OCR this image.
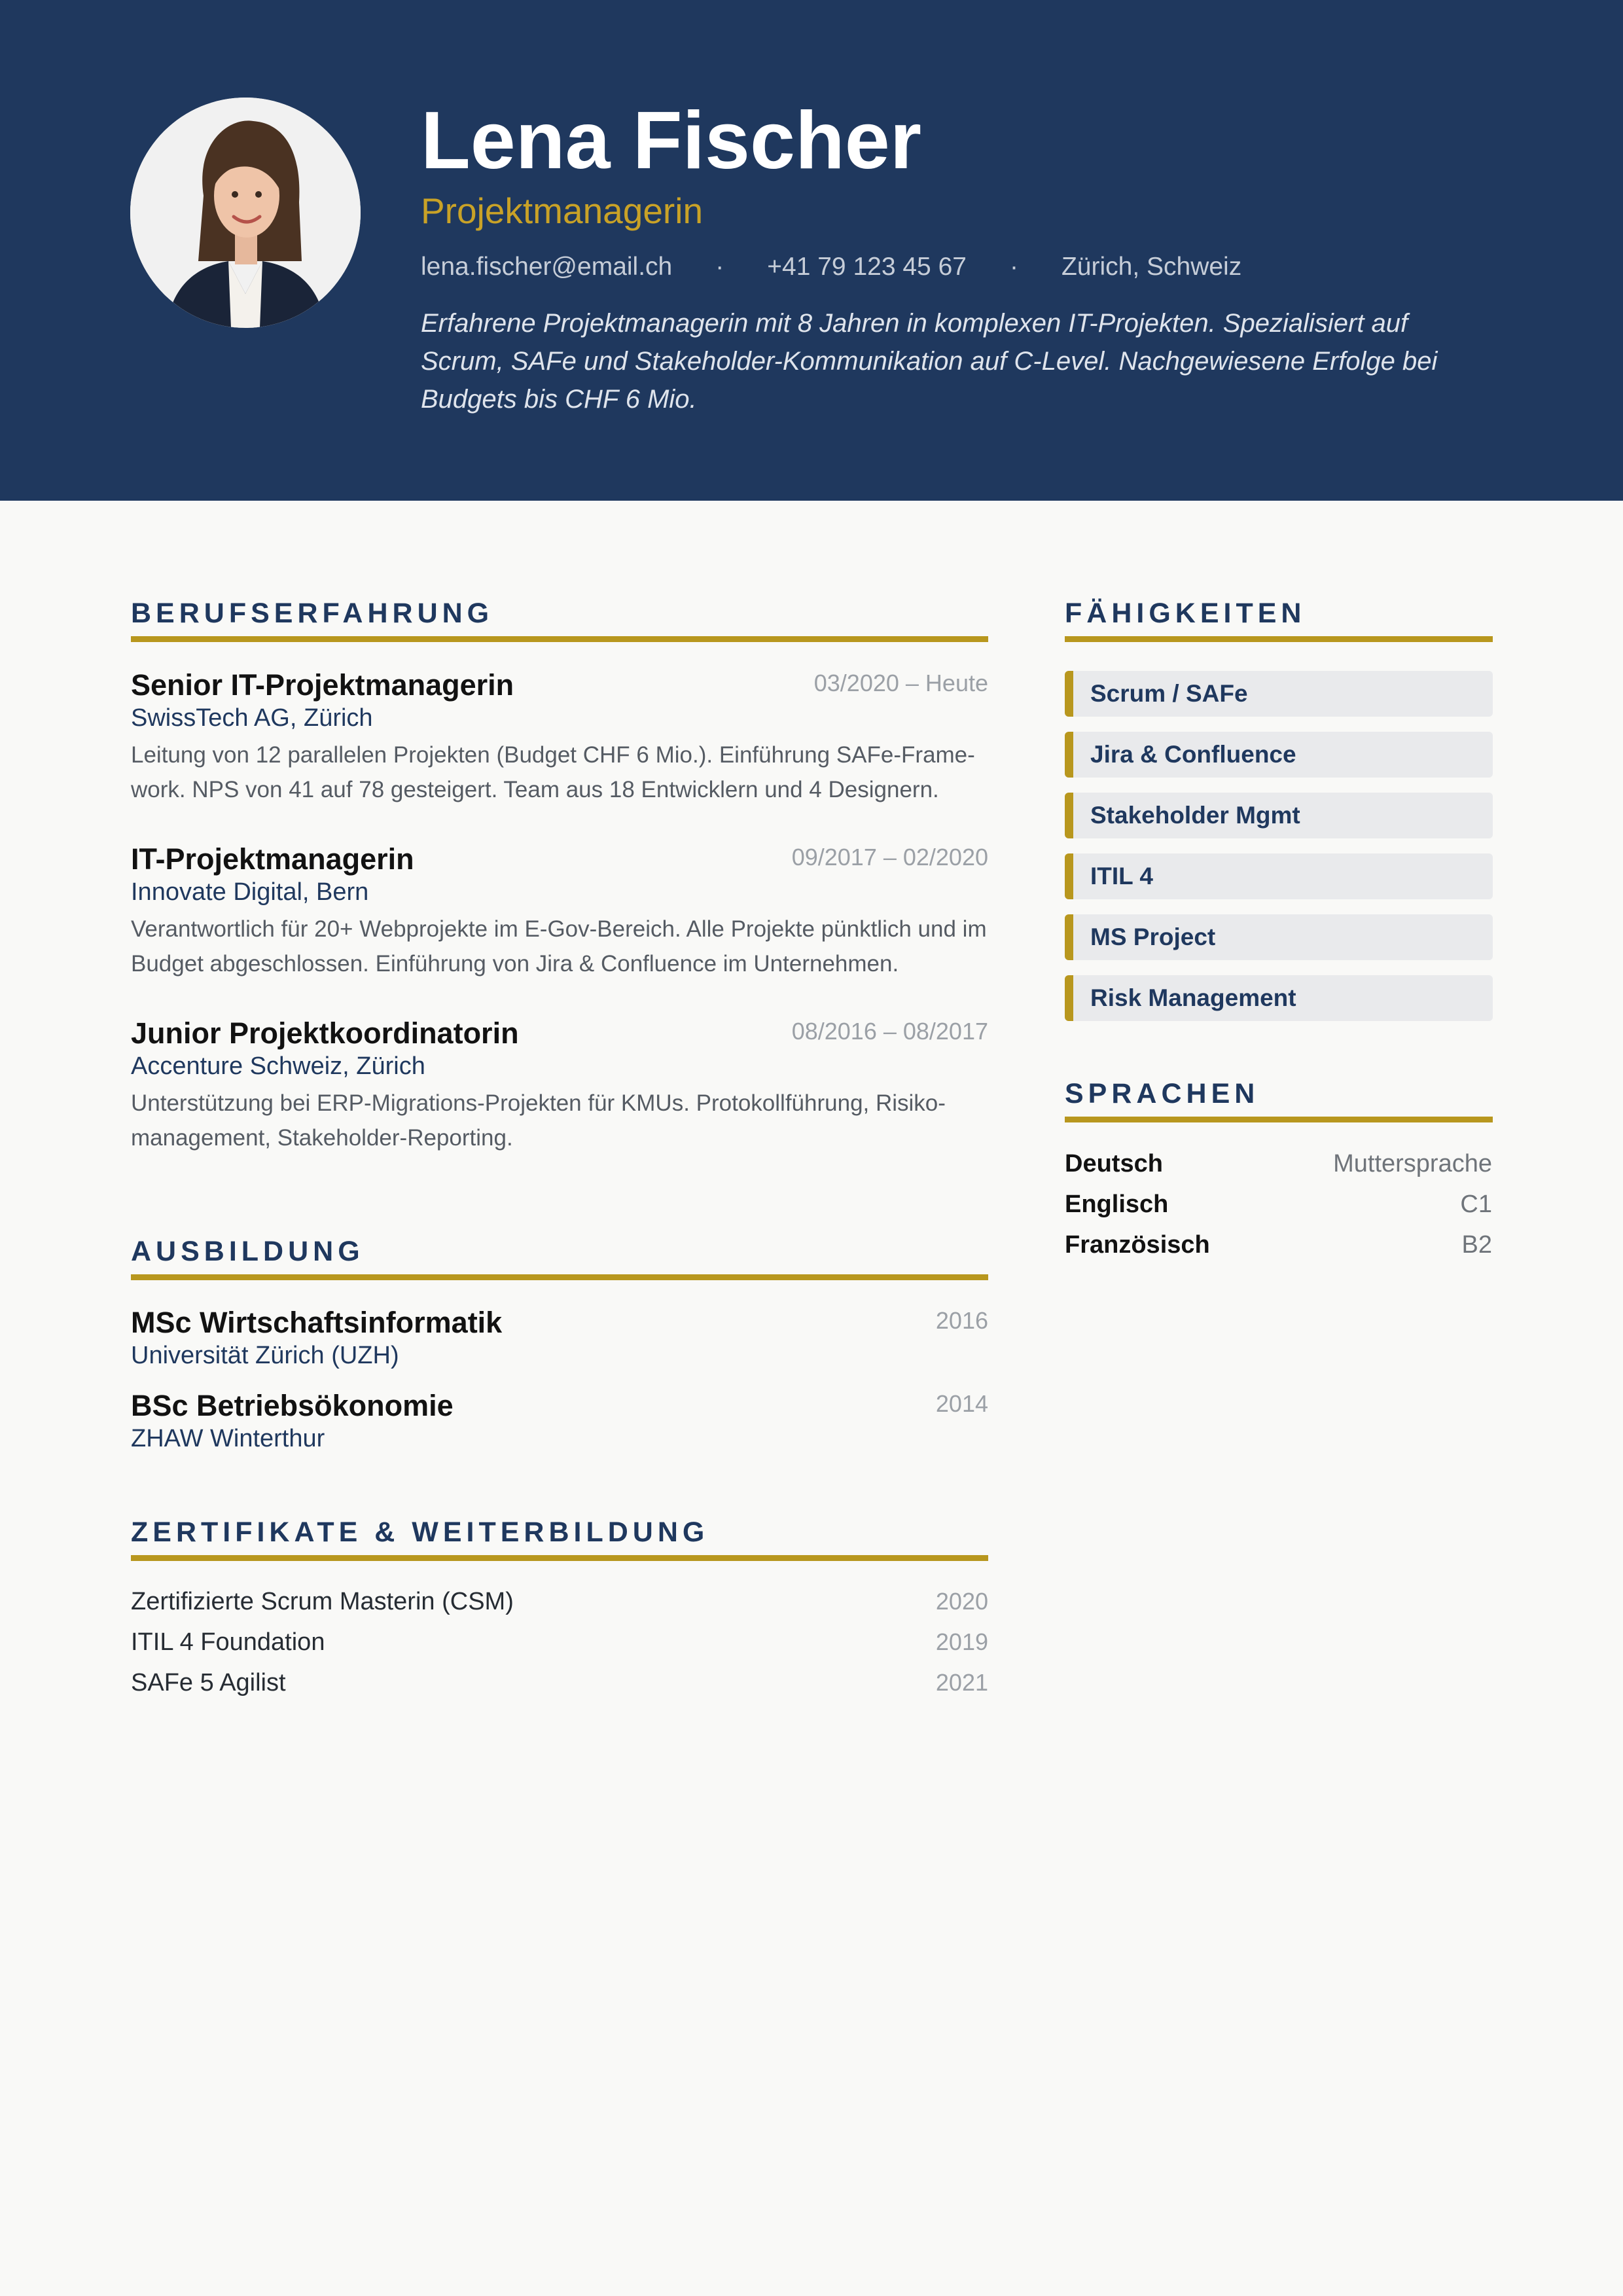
Lena Fischer
Projektmanagerin
lena.fischer@email.ch · +41 79 123 45 67 · Zürich, Schweiz
Erfahrene Projektmanagerin mit 8 Jahren in komplexen IT-Projekten. Spezialisiert auf Scrum, SAFe und Stakeholder-Kommunikation auf C-Level. Nachgewiesene Erfolge bei Budgets bis CHF 6 Mio.
BERUFSERFAHRUNG
Senior IT-Projektmanagerin	03/2020 – Heute
SwissTech AG, Zürich
Leitung von 12 parallelen Projekten (Budget CHF 6 Mio.). Einführung SAFe-Frame-work. NPS von 41 auf 78 gesteigert. Team aus 18 Entwicklern und 4 Designern.
IT-Projektmanagerin	09/2017 – 02/2020
Innovate Digital, Bern
Verantwortlich für 20+ Webprojekte im E-Gov-Bereich. Alle Projekte pünktlich und im Budget abgeschlossen. Einführung von Jira & Confluence im Unternehmen.
Junior Projektkoordinatorin	08/2016 – 08/2017
Accenture Schweiz, Zürich
Unterstützung bei ERP-Migrations-Projekten für KMUs. Protokollführung, Risiko-management, Stakeholder-Reporting.
AUSBILDUNG
MSc Wirtschaftsinformatik	2016
Universität Zürich (UZH)
BSc Betriebsökonomie	2014
ZHAW Winterthur
ZERTIFIKATE & WEITERBILDUNG
Zertifizierte Scrum Masterin (CSM)	2020
ITIL 4 Foundation	2019
SAFe 5 Agilist	2021
FÄHIGKEITEN
Scrum / SAFe
Jira & Confluence
Stakeholder Mgmt
ITIL 4
MS Project
Risk Management
SPRACHEN
Deutsch	Muttersprache
Englisch	C1
Französisch	B2
